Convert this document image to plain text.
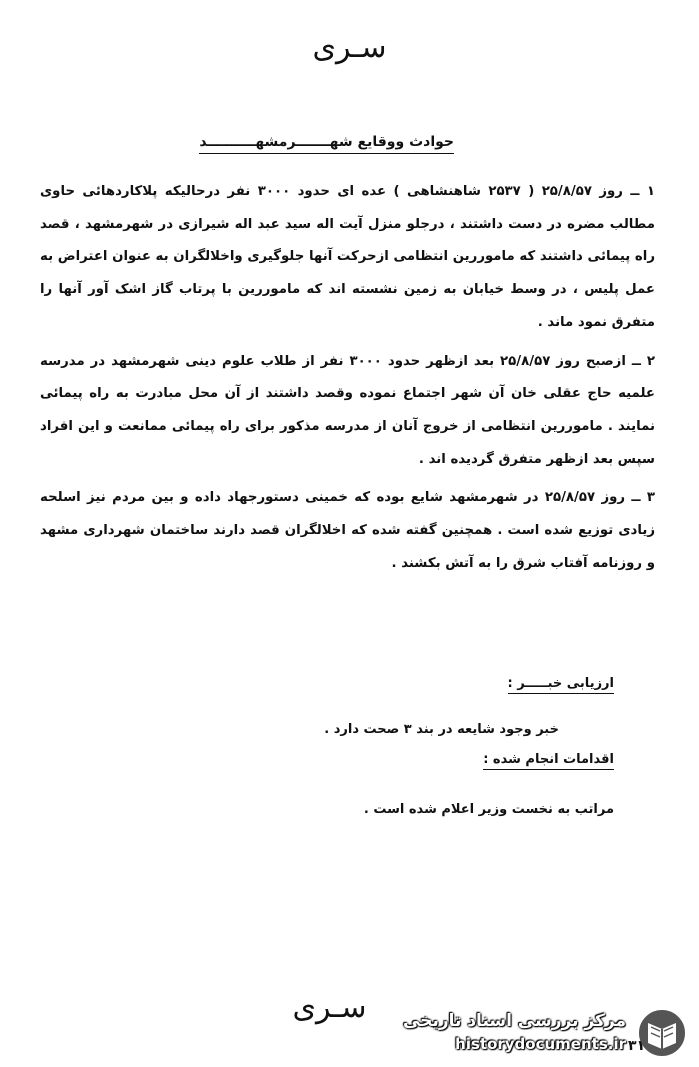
سـری
حوادث ووقايع شهـــــــرمشهــــــــــد

۱ ــ روز ۲۵/۸/۵۷ ( ۲۵۳۷ شاهنشاهی ) عده ای حدود ۳۰۰۰ نفر درحالیکه پلاکاردهائی حاوی مطالب مضره در دست داشتند ، درجلو منزل آیت اله سید عبد اله شیرازی در شهرمشهد ، قصد راه پیمائی داشتند که ماموررین انتظامی ازحرکت آنها جلوگیری واخلالگران به عنوان اعتراض به عمل پلیس ، در وسط خیابان به زمین نشسته اند که ماموررین با پرتاب گاز اشک آور آنها را متفرق نمود ماند .

۲ ــ ازصبح روز ۲۵/۸/۵۷ بعد ازظهر حدود ۳۰۰۰ نفر از طلاب علوم دینی شهرمشهد در مدرسه علمیه حاج عقلی خان آن شهر اجتماع نموده وقصد داشتند از آن محل مبادرت به راه پیمائی نمایند . ماموررین انتظامی از خروج آنان از مدرسه مذکور برای راه پیمائی ممانعت و این افراد سپس بعد ازظهر متفرق گردیده اند .

۳ ــ روز ۲۵/۸/۵۷ در شهرمشهد شایع بوده که خمینی دستورجهاد داده و بین مردم نیز اسلحه زیادی توزیع شده است . همچنین گفته شده که اخلالگران قصد دارند ساختمان شهرداری مشهد و روزنامه آفتاب شرق را به آتش بکشند .

ارزیابی خبـــــر :
خبر وجود شایعه در بند ۳ صحت دارد .
اقدامات انجام شده :
مراتب به نخست وزیر اعلام شده است .
سـری	مرکز بررسی اسناد تاریخی
historydocuments.ir ۳۱
